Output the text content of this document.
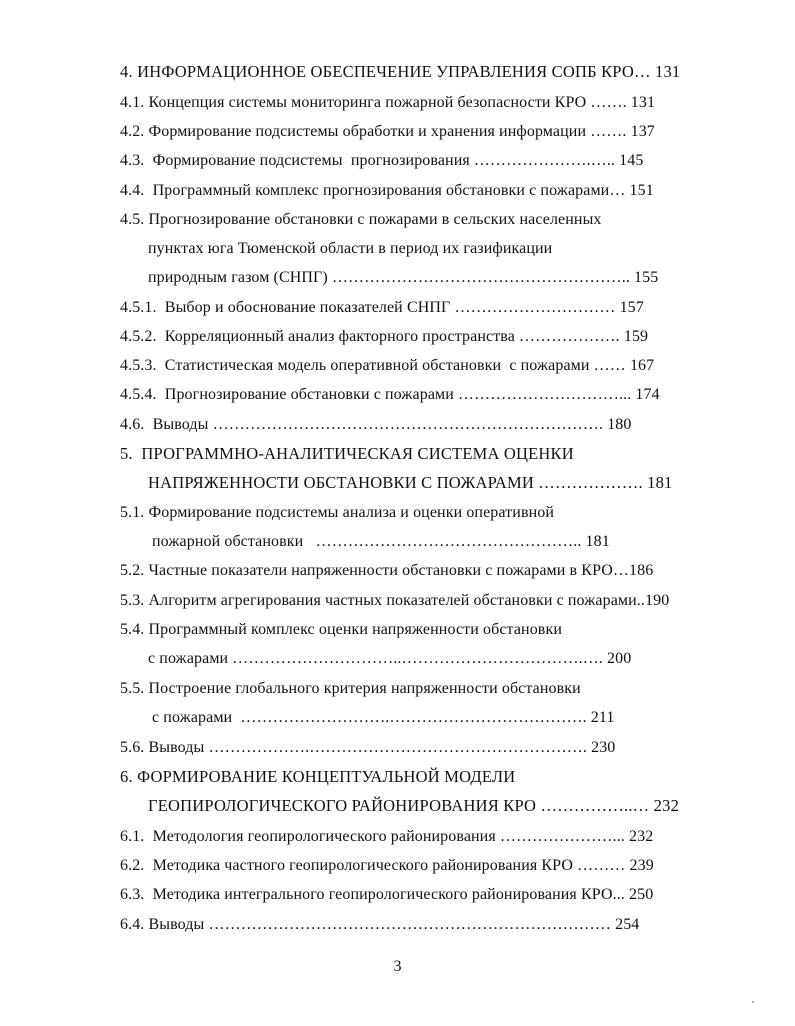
4. ИНФОРМАЦИОННОЕ ОБЕСПЕЧЕНИЕ УПРАВЛЕНИЯ СОПБ КРО… 131
4.1. Концепция системы мониторинга пожарной безопасности КРО ……. 131
4.2. Формирование подсистемы обработки и хранения информации ……. 137
4.3.  Формирование подсистемы  прогнозирования ………………….….. 145
4.4.  Программный комплекс прогнозирования обстановки с пожарами… 151
4.5. Прогнозирование обстановки с пожарами в сельских населенных
пунктах юга Тюменской области в период их газификации
природным газом (СНПГ) ……………………………………………….. 155
4.5.1.  Выбор и обоснование показателей СНПГ ………………………… 157
4.5.2.  Корреляционный анализ факторного пространства ………………. 159
4.5.3.  Статистическая модель оперативной обстановки  с пожарами …… 167
4.5.4.  Прогнозирование обстановки с пожарами …………………………... 174
4.6.  Выводы ………………………………………………………………. 180
5.  ПРОГРАММНО-АНАЛИТИЧЕСКАЯ СИСТЕМА ОЦЕНКИ
НАПРЯЖЕННОСТИ ОБСТАНОВКИ С ПОЖАРАМИ ………………. 181
5.1. Формирование подсистемы анализа и оценки оперативной
пожарной обстановки   ………………………………………….. 181
5.2. Частные показатели напряженности обстановки с пожарами в КРО…186
5.3. Алгоритм агрегирования частных показателей обстановки с пожарами..190
5.4. Программный комплекс оценки напряженности обстановки
с пожарами …………………………..…………………………….…. 200
5.5. Построение глобального критерия напряженности обстановки
с пожарами  ……………………….………………………………. 211
5.6. Выводы ……………….……………………………………………. 230
6. ФОРМИРОВАНИЕ КОНЦЕПТУАЛЬНОЙ МОДЕЛИ
ГЕОПИРОЛОГИЧЕСКОГО РАЙОНИРОВАНИЯ КРО ……………..… 232
6.1.  Методология геопирологического районирования …………………... 232
6.2.  Методика частного геопирологического районирования КРО ……… 239
6.3.  Методика интегрального геопирологического районирования КРО... 250
6.4. Выводы ………………………………………………………………… 254
3
